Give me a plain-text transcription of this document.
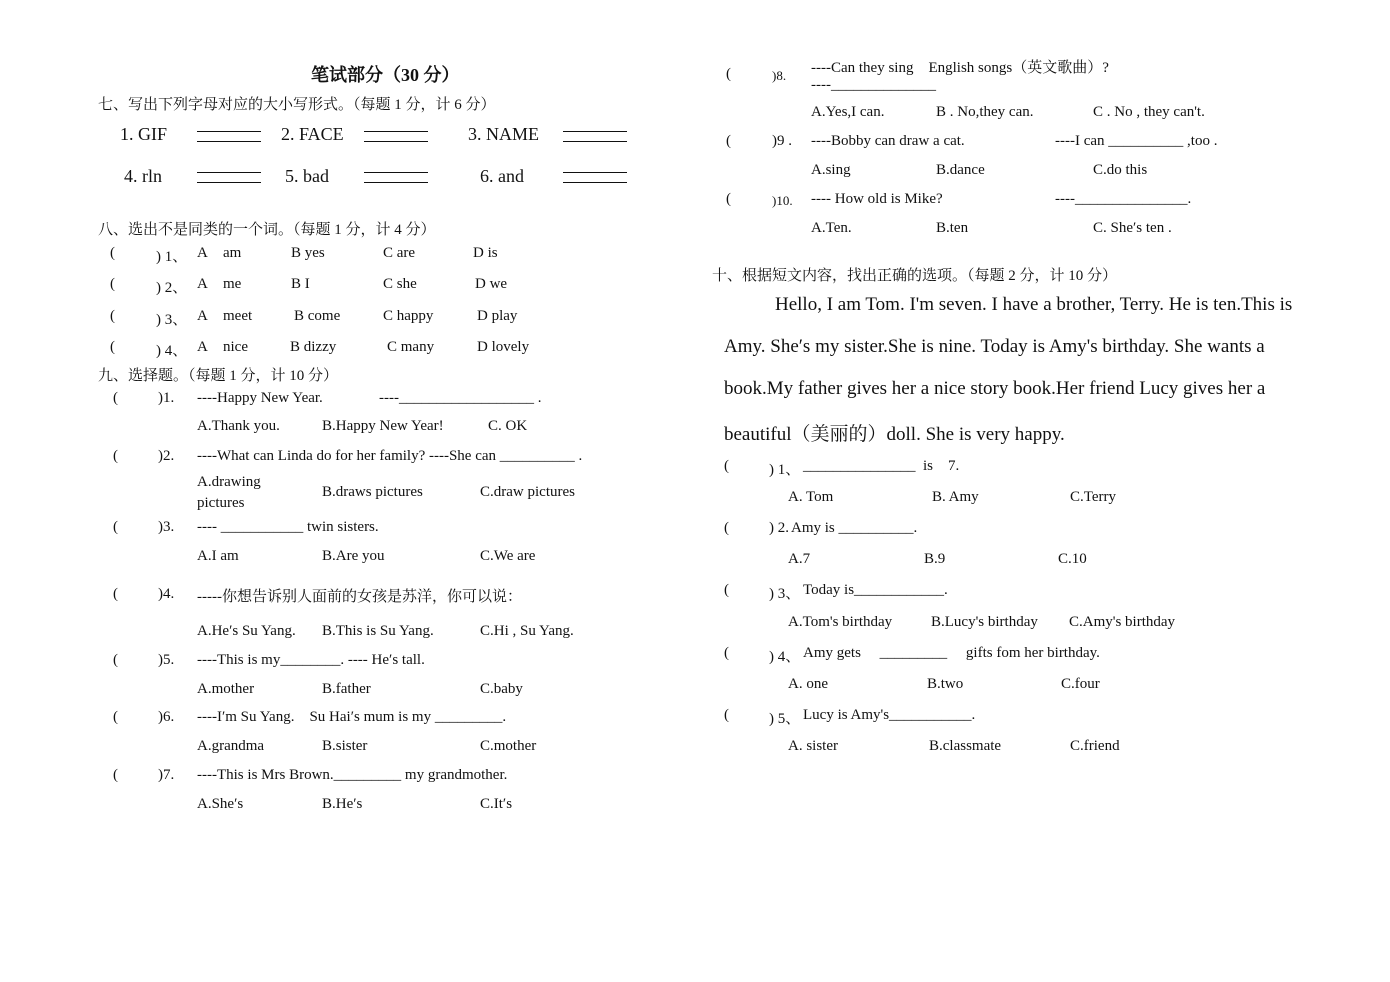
笔试部分（30 分）
七、写出下列字母对应的大小写形式。（每题 1 分，计 6 分）
1. GIF	2. FACE	3. NAME
4. rln	5. bad	6. and
八、选出不是同类的一个词。（每题 1 分，计 4 分）
(	) 1、 A am	B yes	C are	D is
(	) 2、 A me	B I	C she	D we
(	) 3、 A meet	B come	C happy	D play
(	) 4、 A nice	B dizzy	C many	D lovely
九、选择题。（每题 1 分，计 10 分）
(	)1. ----Happy New Year.	----__________________ .
A.Thank you.	B.Happy New Year!	C. OK
(	)2. ----What can Linda do for her family? ----She can __________ .
A.drawing
pictures
B.draws pictures	C.draw pictures
(	)3. ---- ___________ twin sisters.
A.I am	B.Are you	C.We are
(	)4. -----你想告诉别人面前的女孩是苏洋，你可以说：
A.He′s Su Yang. B.This is Su Yang.	C.Hi , Su Yang.
(	)5. ----This is my________. ---- He′s tall.
A.mother	B.father	C.baby
(	)6. ----I′m Su Yang.    Su Hai′s mum is my _________.
A.grandma	B.sister	C.mother
(	)7. ----This is Mrs Brown._________ my grandmother.
A.She′s	B.He′s	C.It′s
(	)8. ----Can they sing    English songs（英文歌曲）?
----______________
A.Yes,I can.	B . No,they can.	C . No , they can't.
(	)9 . ----Bobby can draw a cat.	----I can __________ ,too .
A.sing	B.dance	C.do this
(	)10. ---- How old is Mike?	----_______________.
A.Ten.	B.ten	C. She′s ten .
十、根据短文内容，找出正确的选项。（每题 2 分，计 10 分）
Hello, I am Tom. I'm seven. I have a brother, Terry. He is ten.This is
Amy. She′s my sister.She is nine. Today is Amy's birthday. She wants a
book.My father gives her a nice story book.Her friend Lucy gives her a
beautiful（美丽的）doll. She is very happy.
(	) 1、 _______________  is    7.
A. Tom	B. Amy	C.Terry
(	) 2. Amy is __________.
A.7	B.9	C.10
(	) 3、 Today is____________.
A.Tom's birthday	B.Lucy's birthday C.Amy's birthday
(	) 4、 Amy gets     _________     gifts fom her birthday.
A. one	B.two	C.four
(	) 5、 Lucy is Amy's___________.
A. sister	B.classmate	C.friend
